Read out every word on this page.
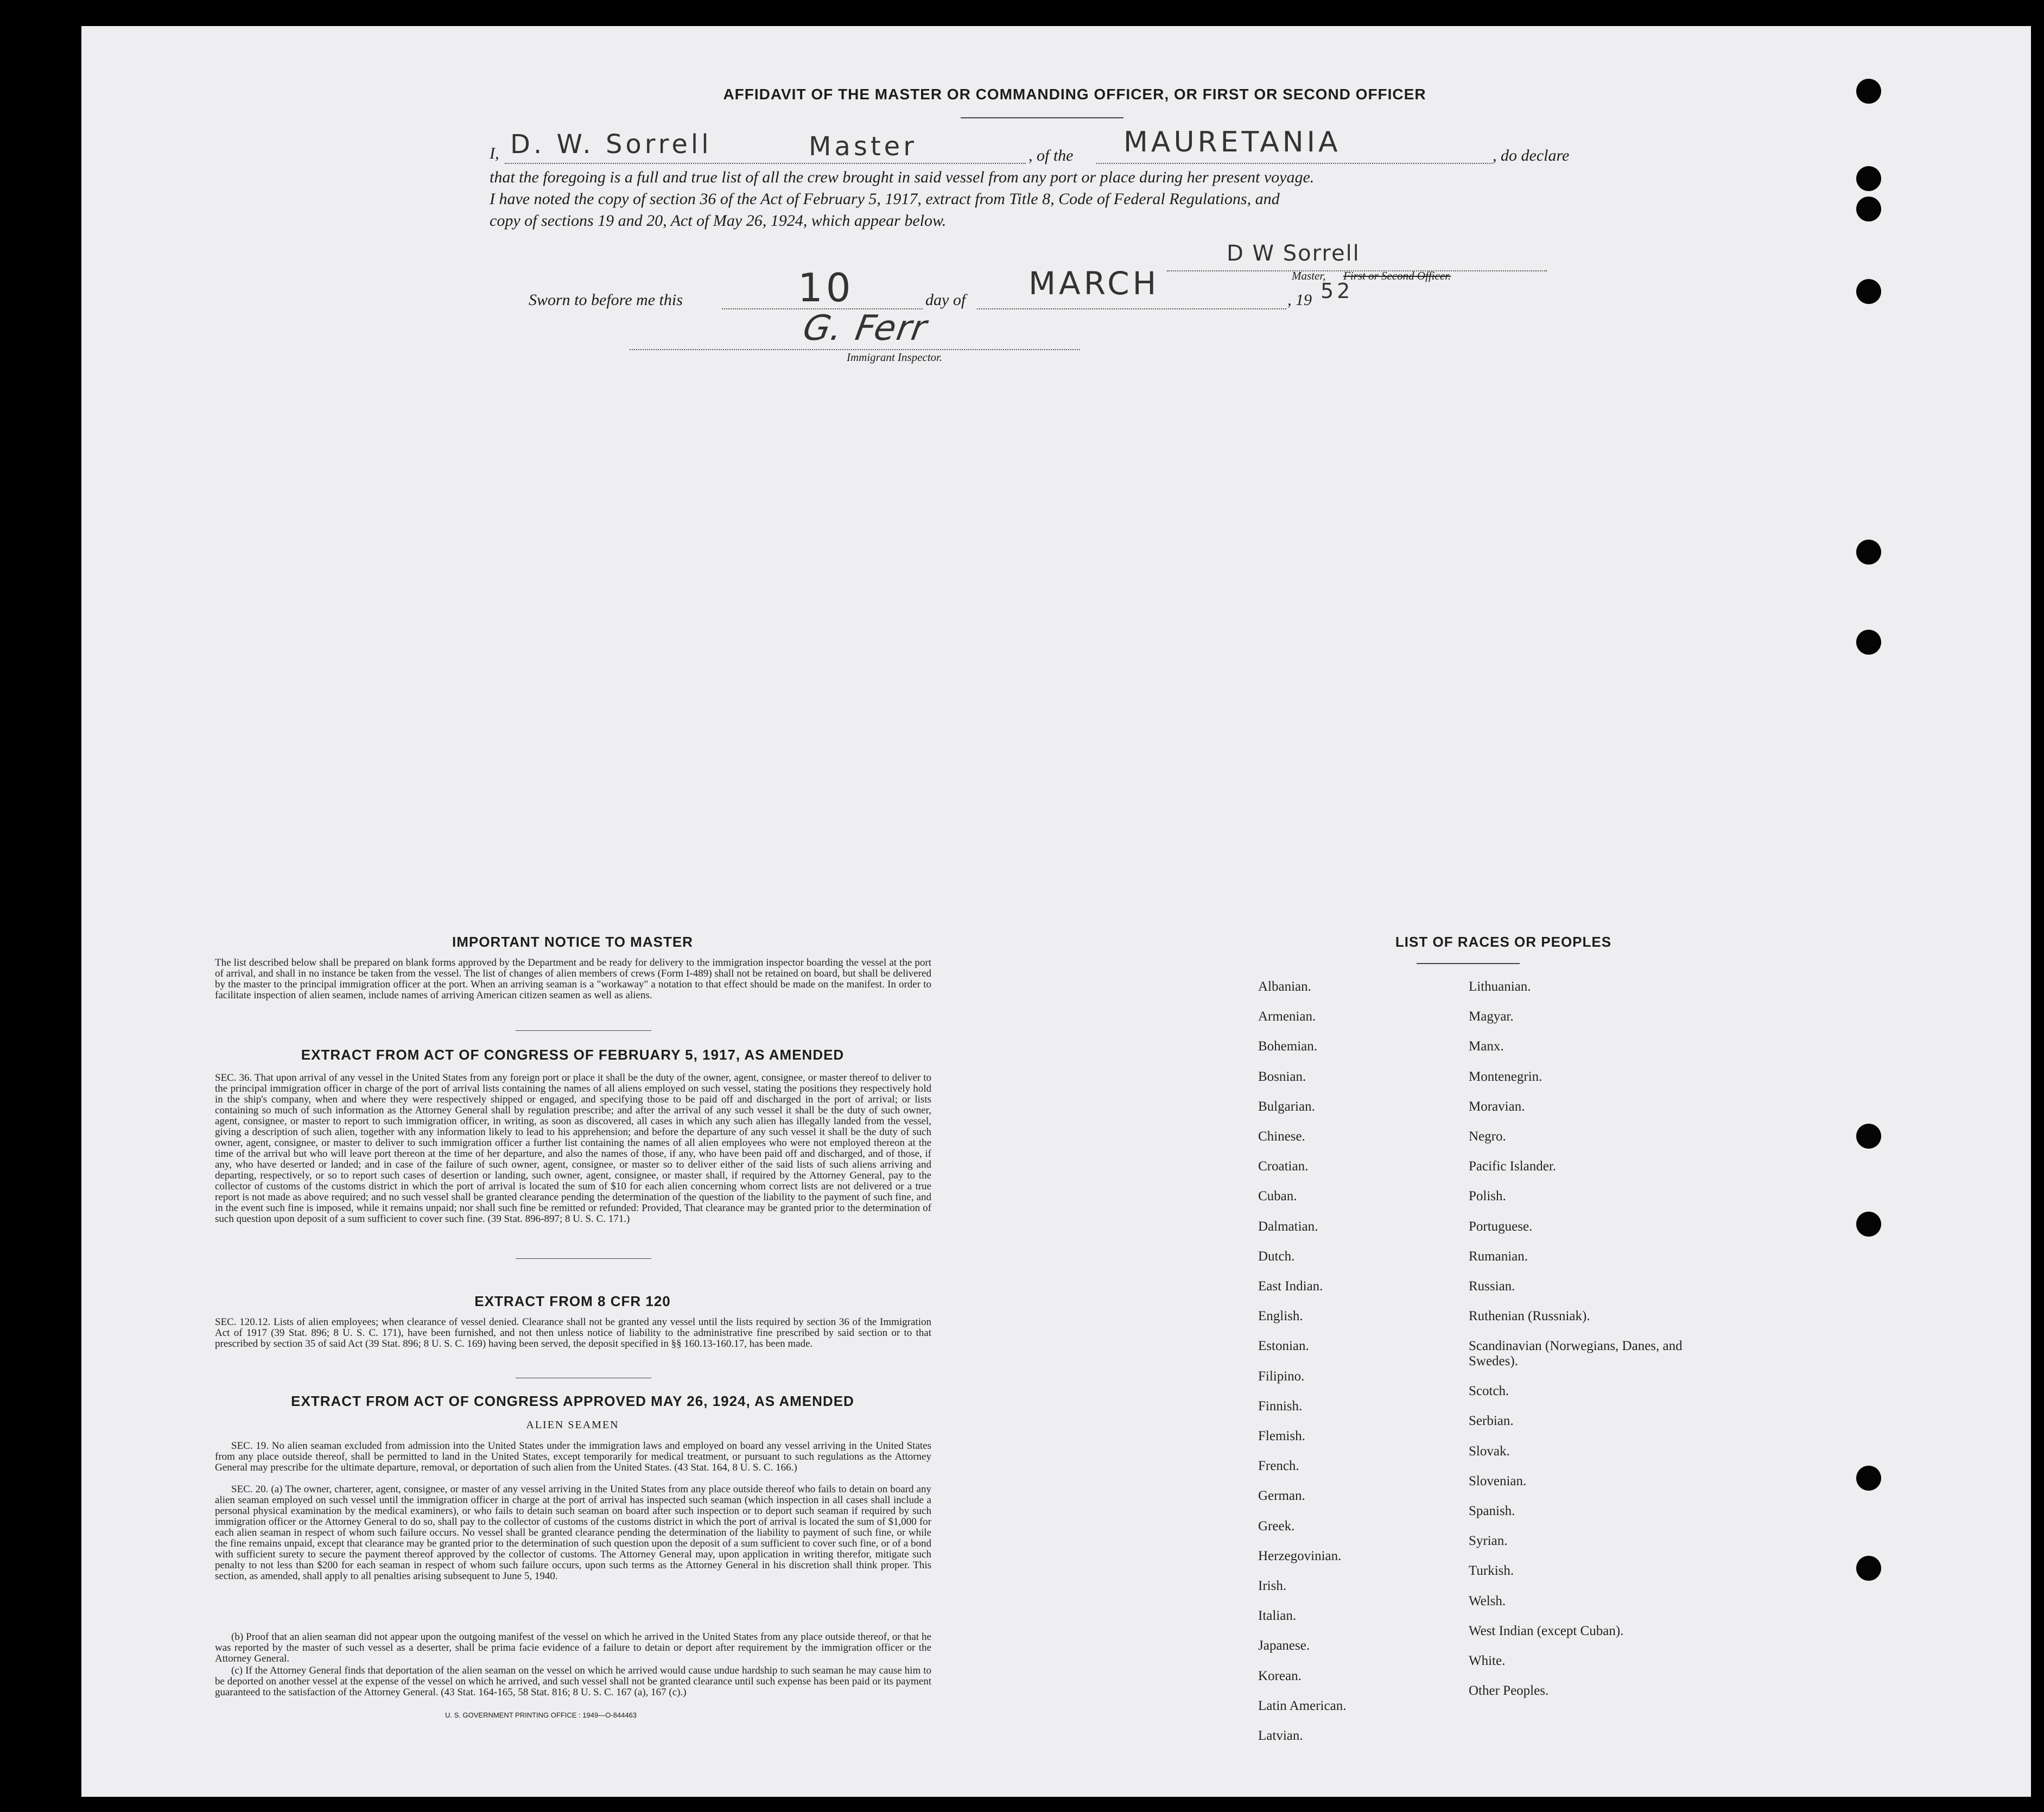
AFFIDAVIT OF THE MASTER OR COMMANDING OFFICER, OR FIRST OR SECOND OFFICER
I, D. W. Sorrell	Master	, of the MAURETANIA	, do declare
that the foregoing is a full and true list of all the crew brought in said vessel from any port or place during her present voyage.
I have noted the copy of section 36 of the Act of February 5, 1917, extract from Title 8, Code of Federal Regulations, and
copy of sections 19 and 20, Act of May 26, 1924, which appear below.
Sworn to before me this	10	day of MARCH	, 19 52
D W Sorrell
Master, First or Second Officer.
G. Ferr
Immigrant Inspector.
IMPORTANT NOTICE TO MASTER
The list described below shall be prepared on blank forms approved by the Department and be ready for delivery to the immigration inspector boarding the vessel at the port of arrival, and shall in no instance be taken from the vessel. The list of changes of alien members of crews (Form I-489) shall not be retained on board, but shall be delivered by the master to the principal immigration officer at the port. When an arriving seaman is a "workaway" a notation to that effect should be made on the manifest. In order to facilitate inspection of alien seamen, include names of arriving American citizen seamen as well as aliens.
EXTRACT FROM ACT OF CONGRESS OF FEBRUARY 5, 1917, AS AMENDED
SEC. 36. That upon arrival of any vessel in the United States from any foreign port or place it shall be the duty of the owner, agent, consignee, or master thereof to deliver to the principal immigration officer in charge of the port of arrival lists containing the names of all aliens employed on such vessel, stating the positions they respectively hold in the ship's company, when and where they were respectively shipped or engaged, and specifying those to be paid off and discharged in the port of arrival; or lists containing so much of such information as the Attorney General shall by regulation prescribe; and after the arrival of any such vessel it shall be the duty of such owner, agent, consignee, or master to report to such immigration officer, in writing, as soon as discovered, all cases in which any such alien has illegally landed from the vessel, giving a description of such alien, together with any information likely to lead to his apprehension; and before the departure of any such vessel it shall be the duty of such owner, agent, consignee, or master to deliver to such immigration officer a further list containing the names of all alien employees who were not employed thereon at the time of the arrival but who will leave port thereon at the time of her departure, and also the names of those, if any, who have been paid off and discharged, and of those, if any, who have deserted or landed; and in case of the failure of such owner, agent, consignee, or master so to deliver either of the said lists of such aliens arriving and departing, respectively, or so to report such cases of desertion or landing, such owner, agent, consignee, or master shall, if required by the Attorney General, pay to the collector of customs of the customs district in which the port of arrival is located the sum of $10 for each alien concerning whom correct lists are not delivered or a true report is not made as above required; and no such vessel shall be granted clearance pending the determination of the question of the liability to the payment of such fine, and in the event such fine is imposed, while it remains unpaid; nor shall such fine be remitted or refunded: Provided, That clearance may be granted prior to the determination of such question upon deposit of a sum sufficient to cover such fine. (39 Stat. 896-897; 8 U. S. C. 171.)
EXTRACT FROM 8 CFR 120
SEC. 120.12. Lists of alien employees; when clearance of vessel denied. Clearance shall not be granted any vessel until the lists required by section 36 of the Immigration Act of 1917 (39 Stat. 896; 8 U. S. C. 171), have been furnished, and not then unless notice of liability to the administrative fine prescribed by said section or to that prescribed by section 35 of said Act (39 Stat. 896; 8 U. S. C. 169) having been served, the deposit specified in §§ 160.13-160.17, has been made.
EXTRACT FROM ACT OF CONGRESS APPROVED MAY 26, 1924, AS AMENDED
ALIEN SEAMEN
SEC. 19. No alien seaman excluded from admission into the United States under the immigration laws and employed on board any vessel arriving in the United States from any place outside thereof, shall be permitted to land in the United States, except temporarily for medical treatment, or pursuant to such regulations as the Attorney General may prescribe for the ultimate departure, removal, or deportation of such alien from the United States. (43 Stat. 164, 8 U. S. C. 166.)
SEC. 20. (a) The owner, charterer, agent, consignee, or master of any vessel arriving in the United States from any place outside thereof who fails to detain on board any alien seaman employed on such vessel until the immigration officer in charge at the port of arrival has inspected such seaman (which inspection in all cases shall include a personal physical examination by the medical examiners), or who fails to detain such seaman on board after such inspection or to deport such seaman if required by such immigration officer or the Attorney General to do so, shall pay to the collector of customs of the customs district in which the port of arrival is located the sum of $1,000 for each alien seaman in respect of whom such failure occurs. No vessel shall be granted clearance pending the determination of the liability to payment of such fine, or while the fine remains unpaid, except that clearance may be granted prior to the determination of such question upon the deposit of a sum sufficient to cover such fine, or of a bond with sufficient surety to secure the payment thereof approved by the collector of customs. The Attorney General may, upon application in writing therefor, mitigate such penalty to not less than $200 for each seaman in respect of whom such failure occurs, upon such terms as the Attorney General in his discretion shall think proper. This section, as amended, shall apply to all penalties arising subsequent to June 5, 1940.
(b) Proof that an alien seaman did not appear upon the outgoing manifest of the vessel on which he arrived in the United States from any place outside thereof, or that he was reported by the master of such vessel as a deserter, shall be prima facie evidence of a failure to detain or deport after requirement by the immigration officer or the Attorney General.
(c) If the Attorney General finds that deportation of the alien seaman on the vessel on which he arrived would cause undue hardship to such seaman he may cause him to be deported on another vessel at the expense of the vessel on which he arrived, and such vessel shall not be granted clearance until such expense has been paid or its payment guaranteed to the satisfaction of the Attorney General. (43 Stat. 164-165, 58 Stat. 816; 8 U. S. C. 167 (a), 167 (c).)
U. S. GOVERNMENT PRINTING OFFICE : 1949—O-844463
LIST OF RACES OR PEOPLES
Albanian.
Armenian.
Bohemian.
Bosnian.
Bulgarian.
Chinese.
Croatian.
Cuban.
Dalmatian.
Dutch.
East Indian.
English.
Estonian.
Filipino.
Finnish.
Flemish.
French.
German.
Greek.
Herzegovinian.
Irish.
Italian.
Japanese.
Korean.
Latin American.
Latvian.
Lithuanian.
Magyar.
Manx.
Montenegrin.
Moravian.
Negro.
Pacific Islander.
Polish.
Portuguese.
Rumanian.
Russian.
Ruthenian (Russniak).
Scandinavian (Norwegians, Danes, and Swedes).
Scotch.
Serbian.
Slovak.
Slovenian.
Spanish.
Syrian.
Turkish.
Welsh.
West Indian (except Cuban).
White.
Other Peoples.
